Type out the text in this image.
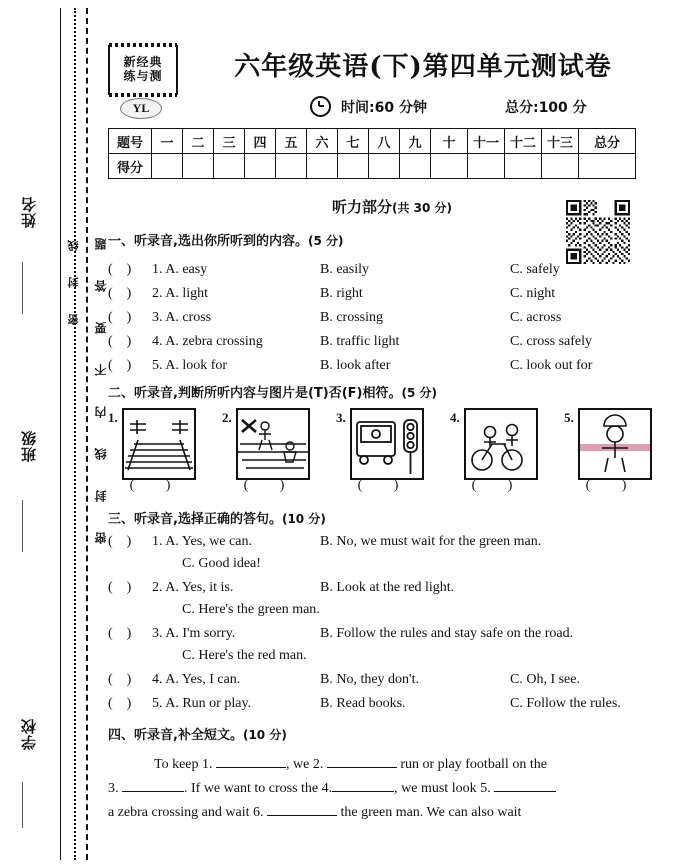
姓名
班级
学校
密封线 密封线内不要答题
新经典
练与测
YL
六年级英语(下)第四单元测试卷
时间:60 分钟	总分:100 分
题号	一	二	三	四	五	六	七	八	九	十	十一	十二	十三	总分
得分														
听力部分(共 30 分)
一、听录音,选出你所听到的内容。(5 分)
(    ) 1. A. easy	B. easily	C. safely
(    ) 2. A. light	B. right	C. night
(    ) 3. A. cross	B. crossing	C. across
(    ) 4. A. zebra crossing	B. traffic light	C. cross safely
(    ) 5. A. look for	B. look after	C. look out for
二、听录音,判断所听内容与图片是(T)否(F)相符。(5 分)
1.
( )
2.
( )
3.
( )
4.
( )
5.
( )
三、听录音,选择正确的答句。(10 分)
(    ) 1. A. Yes, we can.	B. No, we must wait for the green man.
C. Good idea!
(    ) 2. A. Yes, it is.	B. Look at the red light.
C. Here's the green man.
(    ) 3. A. I'm sorry.	B. Follow the rules and stay safe on the road.
C. Here's the red man.
(    ) 4. A. Yes, I can.	B. No, they don't.	C. Oh, I see.
(    ) 5. A. Run or play.	B. Read books.	C. Follow the rules.
四、听录音,补全短文。(10 分)
To keep 1.	, we 2.	run or play football on the
3.	. If we want to cross the 4.	, we must look 5.
a zebra crossing and wait 6.	the green man. We can also wait
